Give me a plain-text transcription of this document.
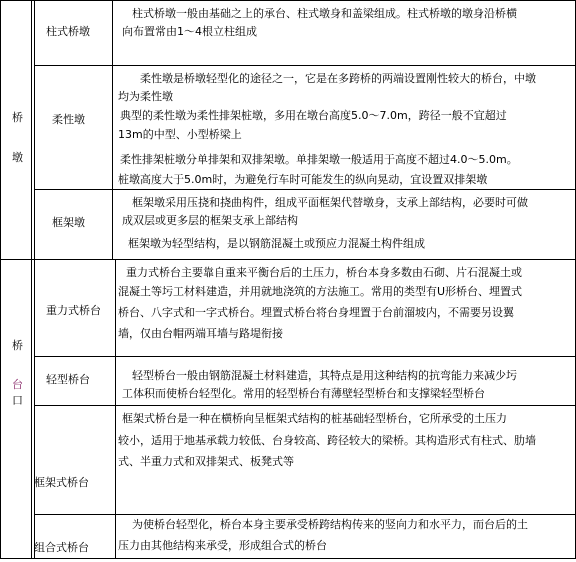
桥
墩
桥
台
口
柱式桥墩
柔性墩
框架墩
重力式桥台
轻型桥台
框架式桥台
组合式桥台
柱式桥墩一般由基础之上的承台、柱式墩身和盖梁组成。柱式桥墩的墩身沿桥横
向布置常由1～4根立柱组成
柔性墩是桥墩轻型化的途径之一，它是在多跨桥的两端设置刚性较大的桥台，中墩
均为柔性墩
典型的柔性墩为柔性排架桩墩，多用在墩台高度5.0～7.0m，跨径一般不宜超过
13m的中型、小型桥梁上
柔性排架桩墩分单排架和双排架墩。单排架墩一般适用于高度不超过4.0～5.0m。
桩墩高度大于5.0m时，为避免行车时可能发生的纵向晃动，宜设置双排架墩
框架墩采用压挠和挠曲构件，组成平面框架代替墩身，支承上部结构，必要时可做
成双层或更多层的框架支承上部结构
框架墩为轻型结构，是以钢筋混凝土或预应力混凝土构件组成
重力式桥台主要靠自重来平衡台后的土压力，桥台本身多数由石砌、片石混凝土或
混凝土等圬工材料建造，并用就地浇筑的方法施工。常用的类型有U形桥台、埋置式
桥台、八字式和一字式桥台。埋置式桥台将台身埋置于台前溜坡内，不需要另设翼
墙，仅由台帽两端耳墙与路堤衔接
轻型桥台一般由钢筋混凝土材料建造，其特点是用这种结构的抗弯能力来减少圬
工体积而使桥台轻型化。常用的轻型桥台有薄壁轻型桥台和支撑梁轻型桥台
框架式桥台是一种在横桥向呈框架式结构的桩基础轻型桥台，它所承受的土压力
较小，适用于地基承载力较低、台身较高、跨径较大的梁桥。其构造形式有柱式、肋墙
式、半重力式和双排架式、板凳式等
为使桥台轻型化，桥台本身主要承受桥跨结构传来的竖向力和水平力，而台后的土
压力由其他结构来承受，形成组合式的桥台
